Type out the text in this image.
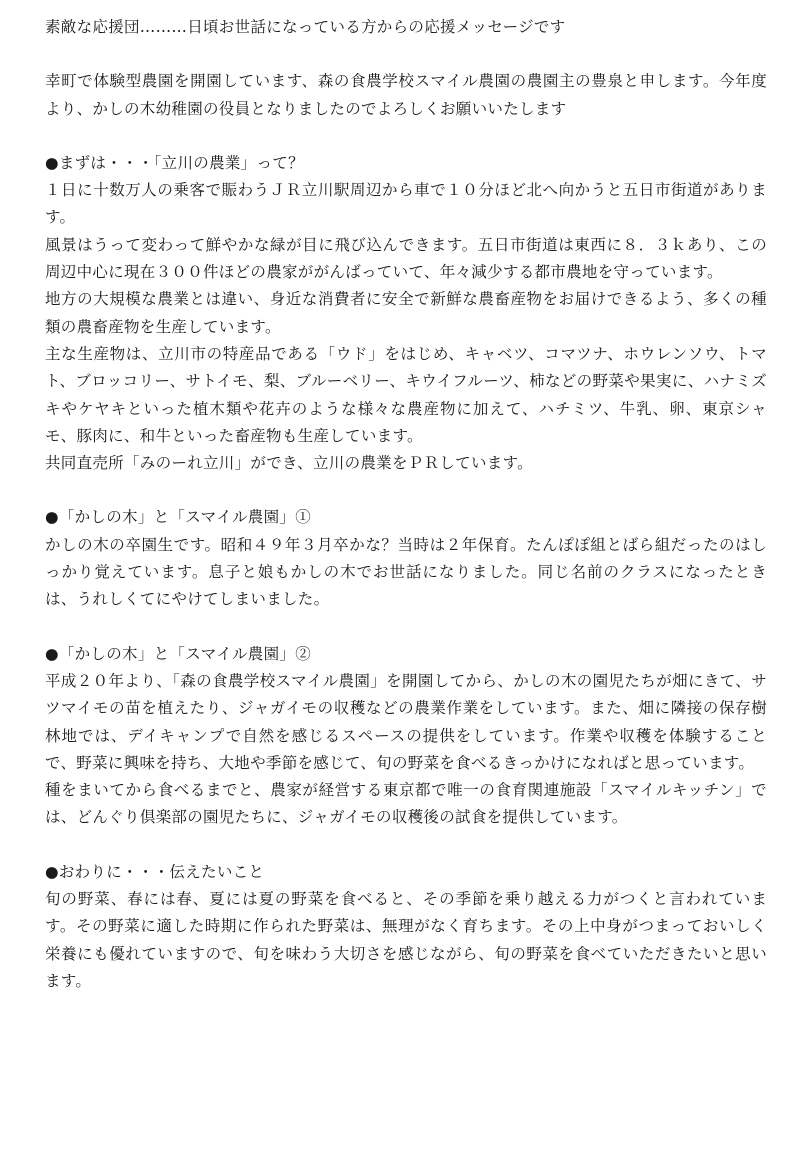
素敵な応援団………日頃お世話になっている方からの応援メッセージです

幸町で体験型農園を開園しています、森の食農学校スマイル農園の農園主の豊泉と申します。今年度より、かしの木幼稚園の役員となりましたのでよろしくお願いいたします

●まずは・・・「立川の農業」って？

１日に十数万人の乗客で賑わうＪＲ立川駅周辺から車で１０分ほど北へ向かうと五日市街道があります。

風景はうって変わって鮮やかな緑が目に飛び込んできます。五日市街道は東西に８．３ｋあり、この周辺中心に現在３００件ほどの農家ががんばっていて、年々減少する都市農地を守っています。

地方の大規模な農業とは違い、身近な消費者に安全で新鮮な農畜産物をお届けできるよう、多くの種類の農畜産物を生産しています。

主な生産物は、立川市の特産品である「ウド」をはじめ、キャベツ、コマツナ、ホウレンソウ、トマト、ブロッコリー、サトイモ、梨、ブルーベリー、キウイフルーツ、柿などの野菜や果実に、ハナミズキやケヤキといった植木類や花卉のような様々な農産物に加えて、ハチミツ、牛乳、卵、東京シャモ、豚肉に、和牛といった畜産物も生産しています。

共同直売所「みのーれ立川」ができ、立川の農業をＰＲしています。

●「かしの木」と「スマイル農園」①

かしの木の卒園生です。昭和４９年３月卒かな？当時は２年保育。たんぽぽ組とばら組だったのはしっかり覚えています。息子と娘もかしの木でお世話になりました。同じ名前のクラスになったときは、うれしくてにやけてしまいました。

●「かしの木」と「スマイル農園」②

平成２０年より、「森の食農学校スマイル農園」を開園してから、かしの木の園児たちが畑にきて、サツマイモの苗を植えたり、ジャガイモの収穫などの農業作業をしています。また、畑に隣接の保存樹林地では、デイキャンプで自然を感じるスペースの提供をしています。作業や収穫を体験することで、野菜に興味を持ち、大地や季節を感じて、旬の野菜を食べるきっかけになればと思っています。

種をまいてから食べるまでと、農家が経営する東京都で唯一の食育関連施設「スマイルキッチン」では、どんぐり倶楽部の園児たちに、ジャガイモの収穫後の試食を提供しています。

●おわりに・・・伝えたいこと

旬の野菜、春には春、夏には夏の野菜を食べると、その季節を乗り越える力がつくと言われています。その野菜に適した時期に作られた野菜は、無理がなく育ちます。その上中身がつまっておいしく栄養にも優れていますので、旬を味わう大切さを感じながら、旬の野菜を食べていただきたいと思います。
